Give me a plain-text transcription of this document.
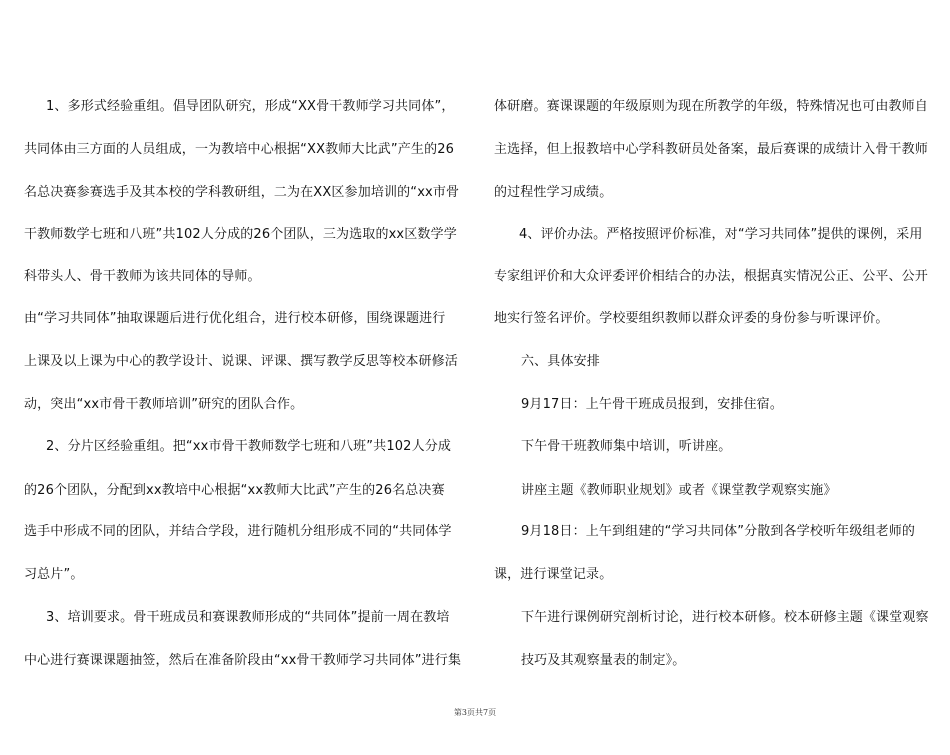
1、多形式经验重组。倡导团队研究，形成“XX骨干教师学习共同体”，
共同体由三方面的人员组成，一为教培中心根据“XX教师大比武”产生的26
名总决赛参赛选手及其本校的学科教研组，二为在XX区参加培训的“xx市骨
干教师数学七班和八班”共102人分成的26个团队，三为选取的xx区数学学
科带头人、骨干教师为该共同体的导师。
由“学习共同体”抽取课题后进行优化组合，进行校本研修，围绕课题进行
上课及以上课为中心的教学设计、说课、评课、撰写教学反思等校本研修活
动，突出“xx市骨干教师培训”研究的团队合作。
2、分片区经验重组。把“xx市骨干教师数学七班和八班”共102人分成
的26个团队，分配到xx教培中心根据“xx教师大比武”产生的26名总决赛
选手中形成不同的团队，并结合学段，进行随机分组形成不同的“共同体学
习总片”。
3、培训要求。骨干班成员和赛课教师形成的“共同体”提前一周在教培
中心进行赛课课题抽签，然后在准备阶段由“xx骨干教师学习共同体”进行集
体研磨。赛课课题的年级原则为现在所教学的年级，特殊情况也可由教师自
主选择，但上报教培中心学科教研员处备案，最后赛课的成绩计入骨干教师
的过程性学习成绩。
4、评价办法。严格按照评价标准，对“学习共同体”提供的课例，采用
专家组评价和大众评委评价相结合的办法，根据真实情况公正、公平、公开
地实行签名评价。学校要组织教师以群众评委的身份参与听课评价。
六、具体安排
9月17日：上午骨干班成员报到，安排住宿。
下午骨干班教师集中培训，听讲座。
讲座主题《教师职业规划》或者《课堂教学观察实施》
9月18日：上午到组建的“学习共同体”分散到各学校听年级组老师的
课，进行课堂记录。
下午进行课例研究剖析讨论，进行校本研修。校本研修主题《课堂观察
技巧及其观察量表的制定》。
第3页共7页
